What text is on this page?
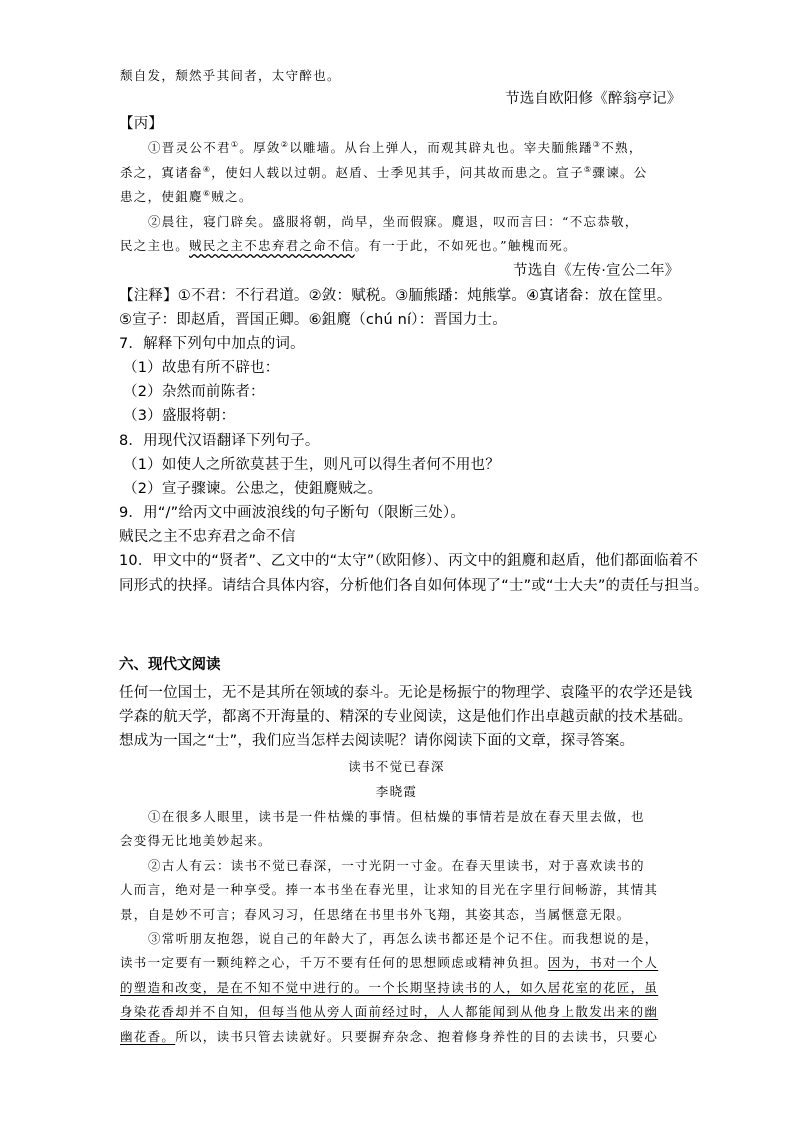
颓自发，颓然乎其间者，太守醉也。
节选自欧阳修《醉翁亭记》
【丙】
①晋灵公不君①。厚敛②以雕墙。从台上弹人，而观其辟丸也。宰夫胹熊蹯③不熟，
杀之，寘诸畚④，使妇人载以过朝。赵盾、士季见其手，问其故而患之。宣子⑤骤谏。公
患之，使鉏麑⑥贼之。
②晨往，寝门辟矣。盛服将朝，尚早，坐而假寐。麑退，叹而言曰：“不忘恭敬，
民之主也。贼民之主不忠弃君之命不信。有一于此，不如死也。”触槐而死。
节选自《左传·宣公二年》
【注释】①不君：不行君道。②敛：赋税。③胹熊蹯：炖熊掌。④寘诸畚：放在筐里。
⑤宣子：即赵盾，晋国正卿。⑥鉏麑（chú ní）：晋国力士。
7．解释下列句中加点的词。
（1）故患有所不辟也：
（2）杂然而前陈者：
（3）盛服将朝：
8．用现代汉语翻译下列句子。
（1）如使人之所欲莫甚于生，则凡可以得生者何不用也？
（2）宣子骤谏。公患之，使鉏麑贼之。
9．用“/”给丙文中画波浪线的句子断句（限断三处）。
贼民之主不忠弃君之命不信
10．甲文中的“贤者”、乙文中的“太守”（欧阳修）、丙文中的鉏麑和赵盾，他们都面临着不
同形式的抉择。请结合具体内容，分析他们各自如何体现了“士”或“士大夫”的责任与担当。
六、现代文阅读
任何一位国士，无不是其所在领域的泰斗。无论是杨振宁的物理学、袁隆平的农学还是钱
学森的航天学，都离不开海量的、精深的专业阅读，这是他们作出卓越贡献的技术基础。
想成为一国之“士”，我们应当怎样去阅读呢？请你阅读下面的文章，探寻答案。
读书不觉已春深
李晓霞
①在很多人眼里，读书是一件枯燥的事情。但枯燥的事情若是放在春天里去做，也
会变得无比地美妙起来。
②古人有云：读书不觉已春深，一寸光阴一寸金。在春天里读书，对于喜欢读书的
人而言，绝对是一种享受。捧一本书坐在春光里，让求知的目光在字里行间畅游，其情其
景，自是妙不可言；春风习习，任思绪在书里书外飞翔，其姿其态，当属惬意无限。
③常听朋友抱怨，说自己的年龄大了，再怎么读书都还是个记不住。而我想说的是，
读书一定要有一颗纯粹之心，千万不要有任何的思想顾虑或精神负担。因为，书对一个人
的塑造和改变，是在不知不觉中进行的。一个长期坚持读书的人，如久居花室的花匠，虽
身染花香却并不自知，但每当他从旁人面前经过时，人人都能闻到从他身上散发出来的幽
幽花香。所以，读书只管去读就好。只要摒弃杂念、抱着修身养性的目的去读书，只要心
